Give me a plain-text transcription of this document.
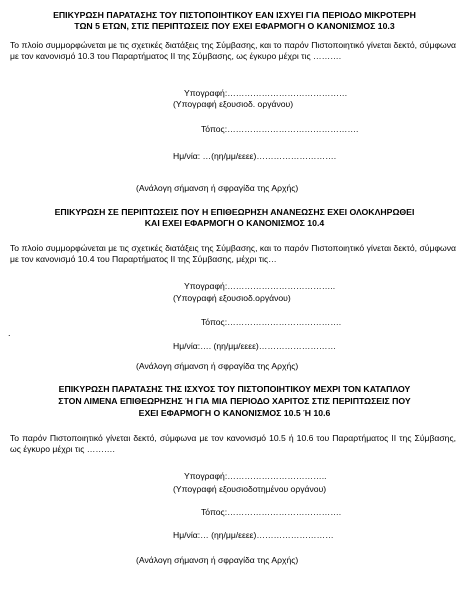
ΕΠΙΚΥΡΩΣΗ ΠΑΡΑΤΑΣΗΣ ΤΟΥ ΠΙΣΤΟΠΟΙΗΤΙΚΟΥ ΕΑΝ ΙΣΧΥΕΙ ΓΙΑ ΠΕΡΙΟΔΟ ΜΙΚΡΟΤΕΡΗ
ΤΩΝ 5 ΕΤΩΝ, ΣΤΙΣ ΠΕΡΙΠΤΩΣΕΙΣ ΠΟΥ ΕΧΕΙ ΕΦΑΡΜΟΓΗ Ο ΚΑΝΟΝΙΣΜΟΣ 10.3

Το πλοίο συμμορφώνεται με τις σχετικές διατάξεις της Σύμβασης, και το παρόν Πιστοποιητικό γίνεται δεκτό, σύμφωνα με τον κανονισμό 10.3 του Παραρτήματος ΙΙ της Σύμβασης, ως έγκυρο μέχρι τις ……….

Υπογραφή:……………………………………
(Υπογραφή εξουσιοδ. οργάνου)
Τόπος:……………………………………….
Ημ/νία: …(ηη/μμ/εεεε)……………………….
(Ανάλογη σήμανση ή σφραγίδα της Αρχής)
ΕΠΙΚΥΡΩΣΗ ΣΕ ΠΕΡΙΠΤΩΣΕΙΣ ΠΟΥ Η ΕΠΙΘΕΩΡΗΣΗ ΑΝΑΝΕΩΣΗΣ ΕΧΕΙ ΟΛΟΚΛΗΡΩΘΕΙ
ΚΑΙ ΕΧΕΙ ΕΦΑΡΜΟΓΗ Ο ΚΑΝΟΝΙΣΜΟΣ 10.4

Το πλοίο συμμορφώνεται με τις σχετικές διατάξεις της Σύμβασης, και το παρόν Πιστοποιητικό γίνεται δεκτό, σύμφωνα με τον κανονισμό 10.4 του Παραρτήματος ΙΙ της Σύμβασης, μέχρι τις…

Υπογραφή:………………………………..
(Υπογραφή εξουσιοδ.οργάνου)
Τόπος:………………………………….
.
Ημ/νία:…. (ηη/μμ/εεεε)………………………
(Ανάλογη σήμανση ή σφραγίδα της Αρχής)
ΕΠΙΚΥΡΩΣΗ ΠΑΡΑΤΑΣΗΣ ΤΗΣ ΙΣΧΥΟΣ ΤΟΥ ΠΙΣΤΟΠΟΙΗΤΙΚΟΥ ΜΕΧΡΙ ΤΟΝ ΚΑΤΑΠΛΟΥ
ΣΤΟΝ ΛΙΜΕΝΑ ΕΠΙΘΕΩΡΗΣΗΣ Ή ΓΙΑ ΜΙΑ ΠΕΡΙΟΔΟ ΧΑΡΙΤΟΣ ΣΤΙΣ ΠΕΡΙΠΤΩΣΕΙΣ ΠΟΥ
ΕΧΕΙ ΕΦΑΡΜΟΓΗ Ο ΚΑΝΟΝΙΣΜΟΣ 10.5 Ή 10.6

Το παρόν Πιστοποιητικό γίνεται δεκτό, σύμφωνα με τον κανονισμό 10.5 ή 10.6 του Παραρτήματος ΙΙ της Σύμβασης, ως έγκυρο μέχρι τις ……….

Υπογραφή:……………………………..
(Υπογραφή εξουσιοδοτημένου οργάνου)
Τόπος:………………………………….
Ημ/νία:… (ηη/μμ/εεεε)………………………
(Ανάλογη σήμανση ή σφραγίδα της Αρχής)
